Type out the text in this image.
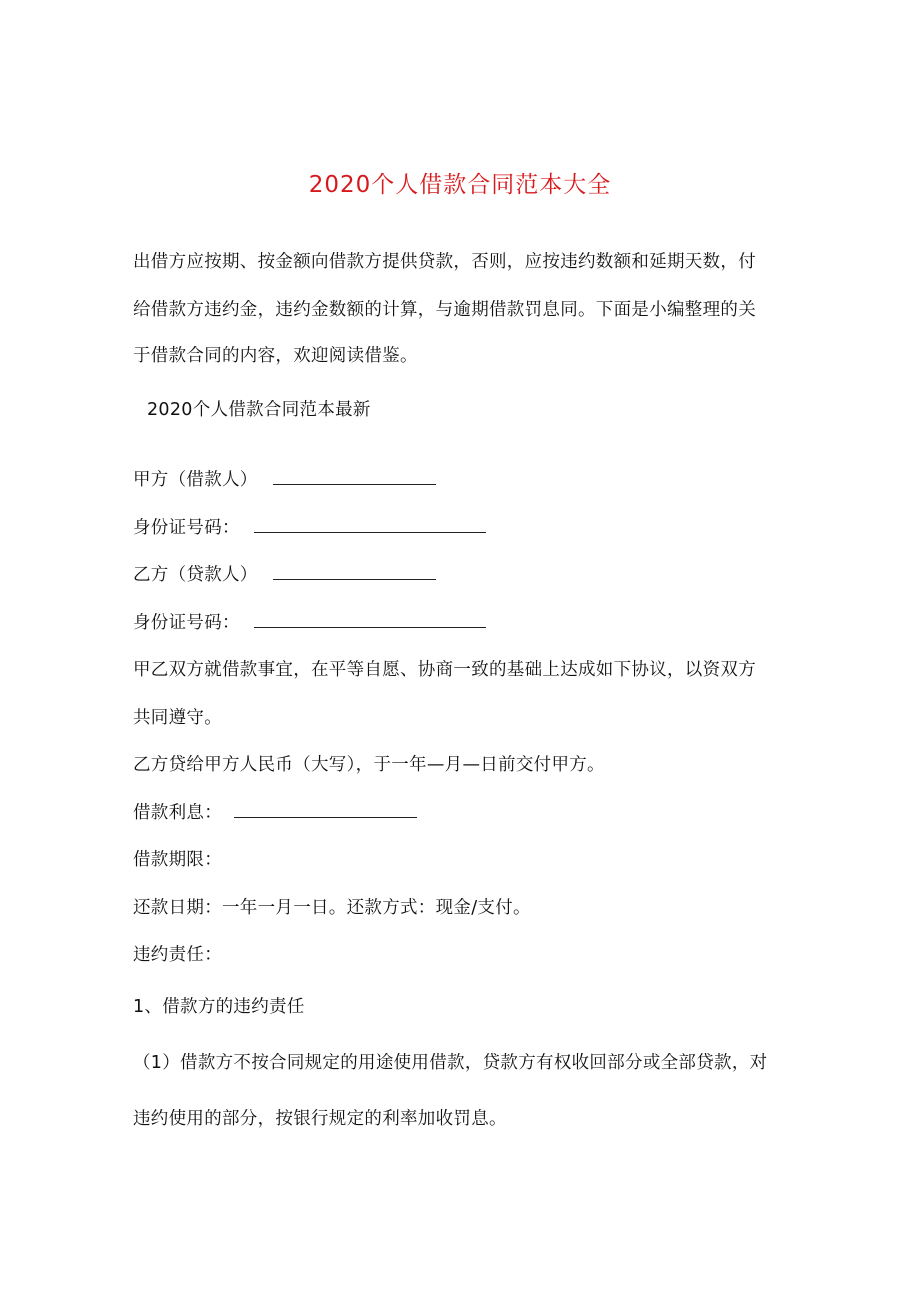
2020个人借款合同范本大全
出借方应按期、按金额向借款方提供贷款，否则，应按违约数额和延期天数，付
给借款方违约金，违约金数额的计算，与逾期借款罚息同。下面是小编整理的关
于借款合同的内容，欢迎阅读借鉴。
2020个人借款合同范本最新
甲方（借款人）
身份证号码：
乙方（贷款人）
身份证号码：
甲乙双方就借款事宜，在平等自愿、协商一致的基础上达成如下协议，以资双方
共同遵守。
乙方贷给甲方人民币（大写），于一年—月—日前交付甲方。
借款利息：
借款期限：
还款日期：一年一月一日。还款方式：现金/支付。
违约责任：
1、借款方的违约责任
（1）借款方不按合同规定的用途使用借款，贷款方有权收回部分或全部贷款，对
违约使用的部分，按银行规定的利率加收罚息。
